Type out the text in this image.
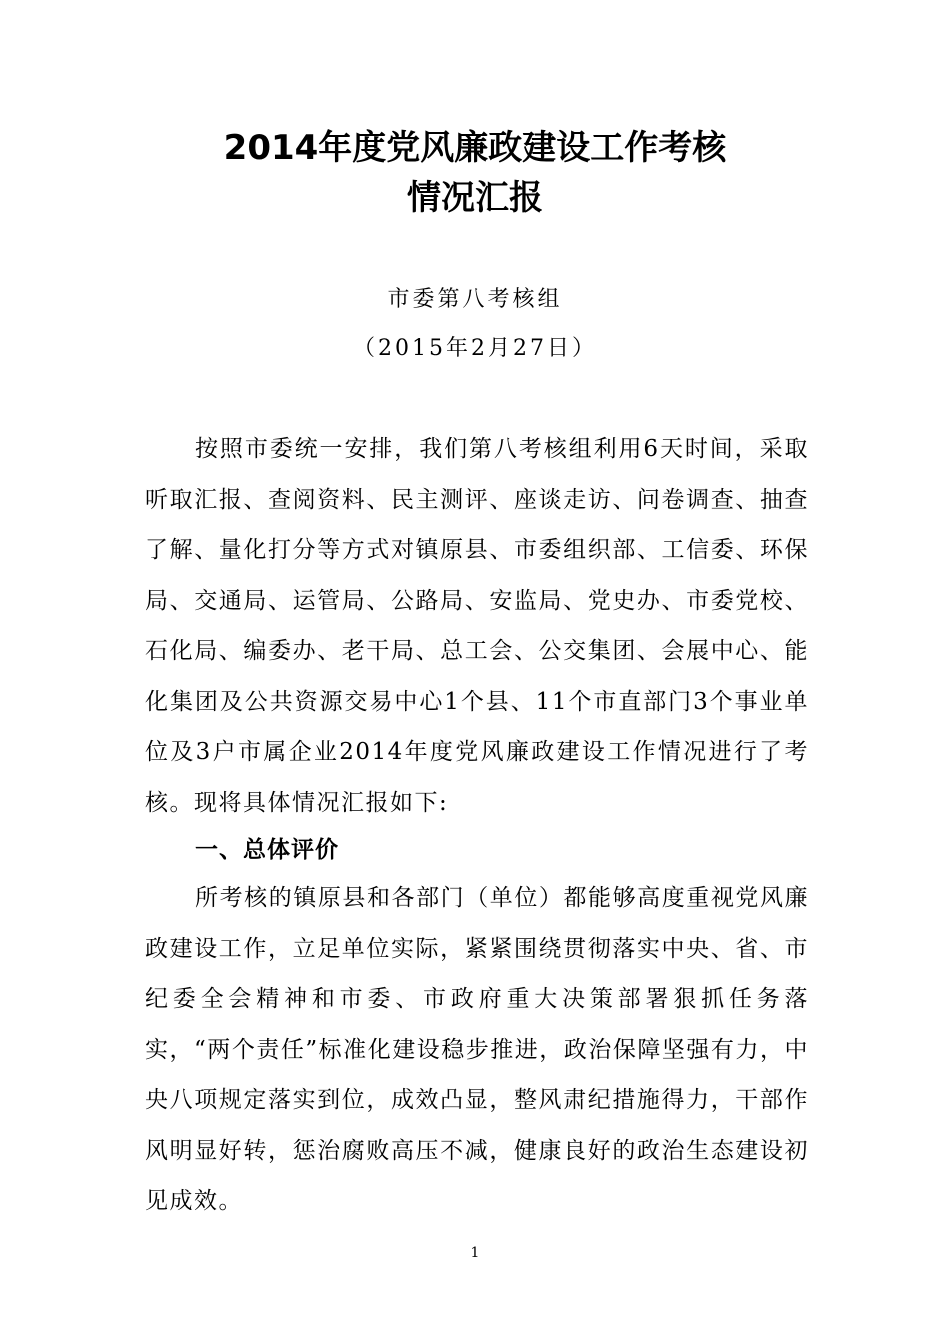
2014年度党风廉政建设工作考核
情况汇报
市委第八考核组
（2015年2月27日）

按照市委统一安排，我们第八考核组利用6天时间，采取听取汇报、查阅资料、民主测评、座谈走访、问卷调查、抽查了解、量化打分等方式对镇原县、市委组织部、工信委、环保局、交通局、运管局、公路局、安监局、党史办、市委党校、石化局、编委办、老干局、总工会、公交集团、会展中心、能化集团及公共资源交易中心1个县、11个市直部门3个事业单位及3户市属企业2014年度党风廉政建设工作情况进行了考核。现将具体情况汇报如下:

一、总体评价

所考核的镇原县和各部门（单位）都能够高度重视党风廉政建设工作，立足单位实际，紧紧围绕贯彻落实中央、省、市纪委全会精神和市委、市政府重大决策部署狠抓任务落实，“两个责任”标准化建设稳步推进，政治保障坚强有力，中央八项规定落实到位，成效凸显，整风肃纪措施得力，干部作风明显好转，惩治腐败高压不减，健康良好的政治生态建设初见成效。

1
